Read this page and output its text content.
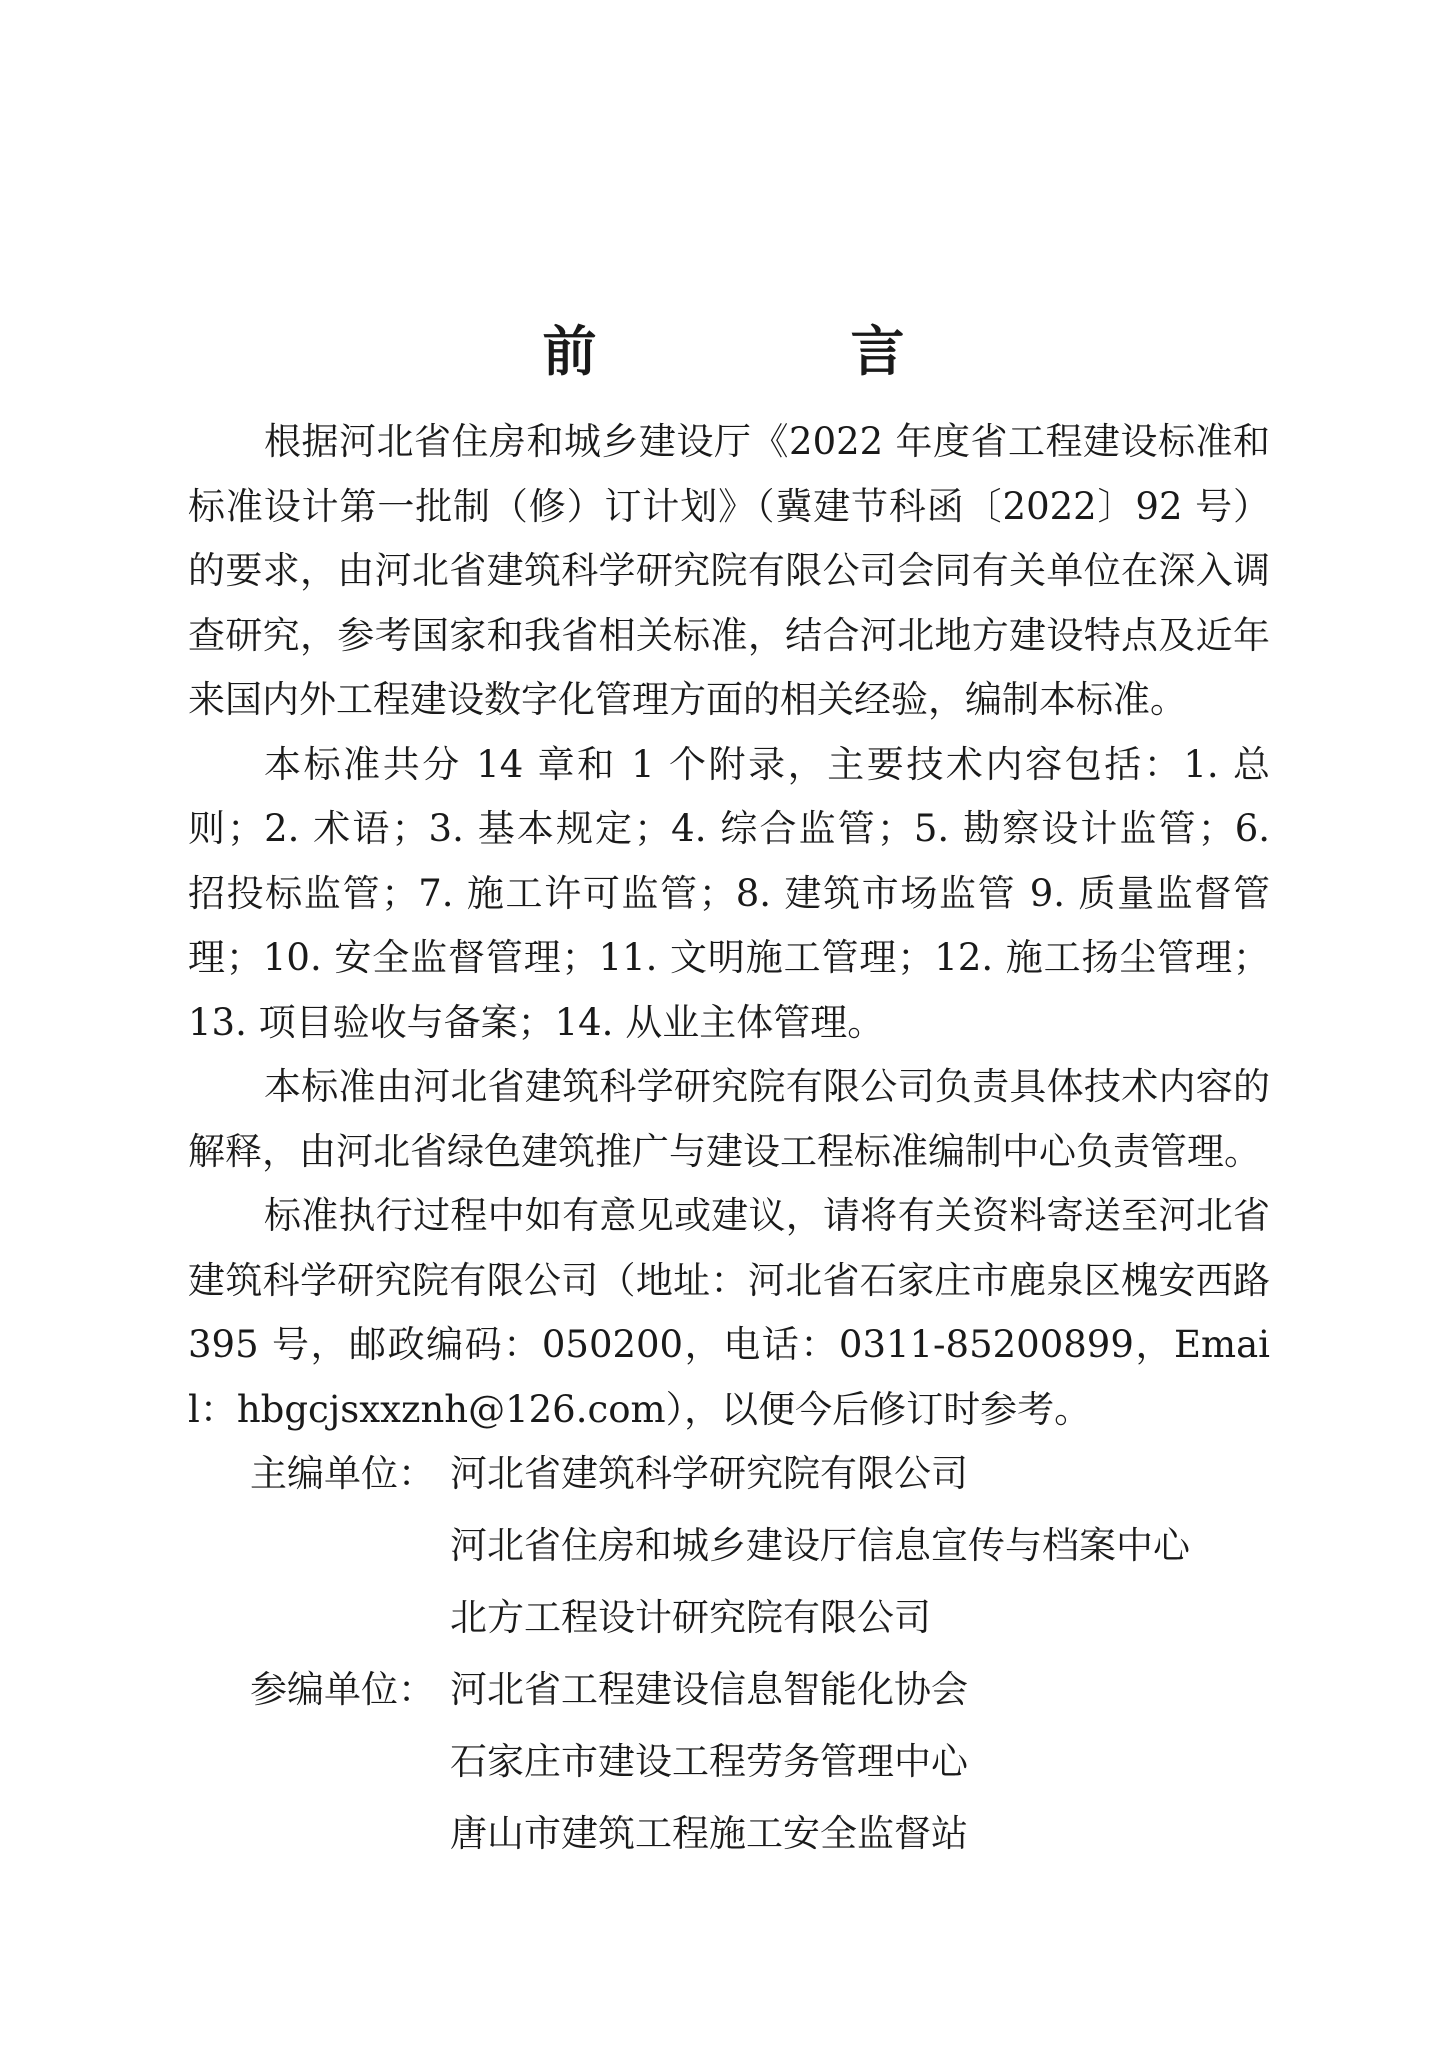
前　言

根据河北省住房和城乡建设厅《2022 年度省工程建设标准和标准设计第一批制（修）订计划》（冀建节科函〔2022〕92 号）的要求，由河北省建筑科学研究院有限公司会同有关单位在深入调查研究，参考国家和我省相关标准，结合河北地方建设特点及近年来国内外工程建设数字化管理方面的相关经验，编制本标准。

本标准共分 14 章和 1 个附录，主要技术内容包括：1. 总则；2. 术语；3. 基本规定；4. 综合监管；5. 勘察设计监管；6. 招投标监管；7. 施工许可监管；8. 建筑市场监管 9. 质量监督管理；10. 安全监督管理；11. 文明施工管理；12. 施工扬尘管理；13. 项目验收与备案；14. 从业主体管理。

本标准由河北省建筑科学研究院有限公司负责具体技术内容的解释，由河北省绿色建筑推广与建设工程标准编制中心负责管理。

标准执行过程中如有意见或建议，请将有关资料寄送至河北省建筑科学研究院有限公司（地址：河北省石家庄市鹿泉区槐安西路 395 号，邮政编码：050200，电话：0311-85200899，Email：hbgcjsxxznh@126.com），以便今后修订时参考。

主编单位： 河北省建筑科学研究院有限公司
河北省住房和城乡建设厅信息宣传与档案中心
北方工程设计研究院有限公司
参编单位： 河北省工程建设信息智能化协会
石家庄市建设工程劳务管理中心
唐山市建筑工程施工安全监督站
